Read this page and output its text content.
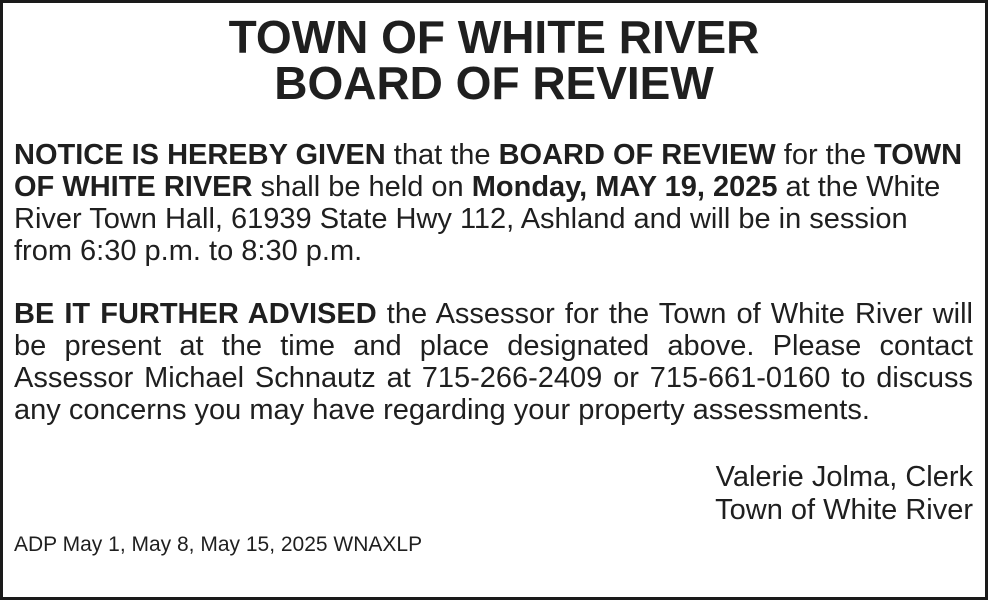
TOWN OF WHITE RIVER
BOARD OF REVIEW

NOTICE IS HEREBY GIVEN that the BOARD OF REVIEW for the TOWN OF WHITE RIVER shall be held on Monday, MAY 19, 2025 at the White River Town Hall, 61939 State Hwy 112, Ashland and will be in session from 6:30 p.m. to 8:30 p.m.

BE IT FURTHER ADVISED the Assessor for the Town of White River will be present at the time and place designated above. Please contact Assessor Michael Schnautz at 715-266-2409 or 715-661-0160 to discuss any concerns you may have regarding your property assessments.

Valerie Jolma, Clerk
Town of White River
ADP May 1, May 8, May 15, 2025 WNAXLP
